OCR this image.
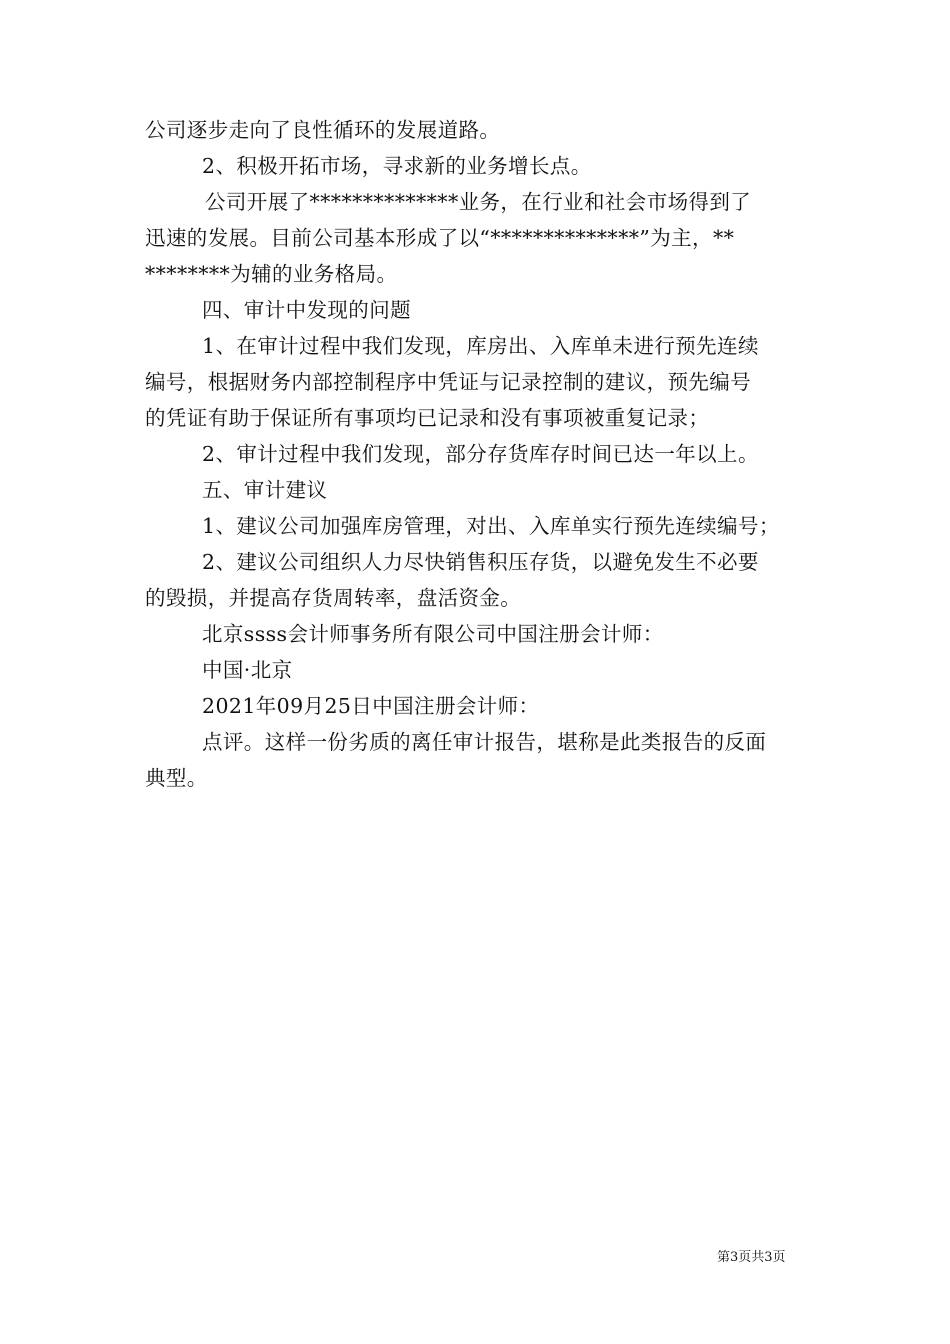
公司逐步走向了良性循环的发展道路。
2、积极开拓市场，寻求新的业务增长点。
公司开展了**************业务，在行业和社会市场得到了
迅速的发展。目前公司基本形成了以“**************”为主，**
********为辅的业务格局。
四、审计中发现的问题
1、在审计过程中我们发现，库房出、入库单未进行预先连续
编号，根据财务内部控制程序中凭证与记录控制的建议，预先编号
的凭证有助于保证所有事项均已记录和没有事项被重复记录；
2、审计过程中我们发现，部分存货库存时间已达一年以上。
五、审计建议
1、建议公司加强库房管理，对出、入库单实行预先连续编号；
2、建议公司组织人力尽快销售积压存货，以避免发生不必要
的毁损，并提高存货周转率，盘活资金。
北京ssss会计师事务所有限公司中国注册会计师：
中国·北京
2021年09月25日中国注册会计师：
点评。这样一份劣质的离任审计报告，堪称是此类报告的反面
典型。
第3页共3页
